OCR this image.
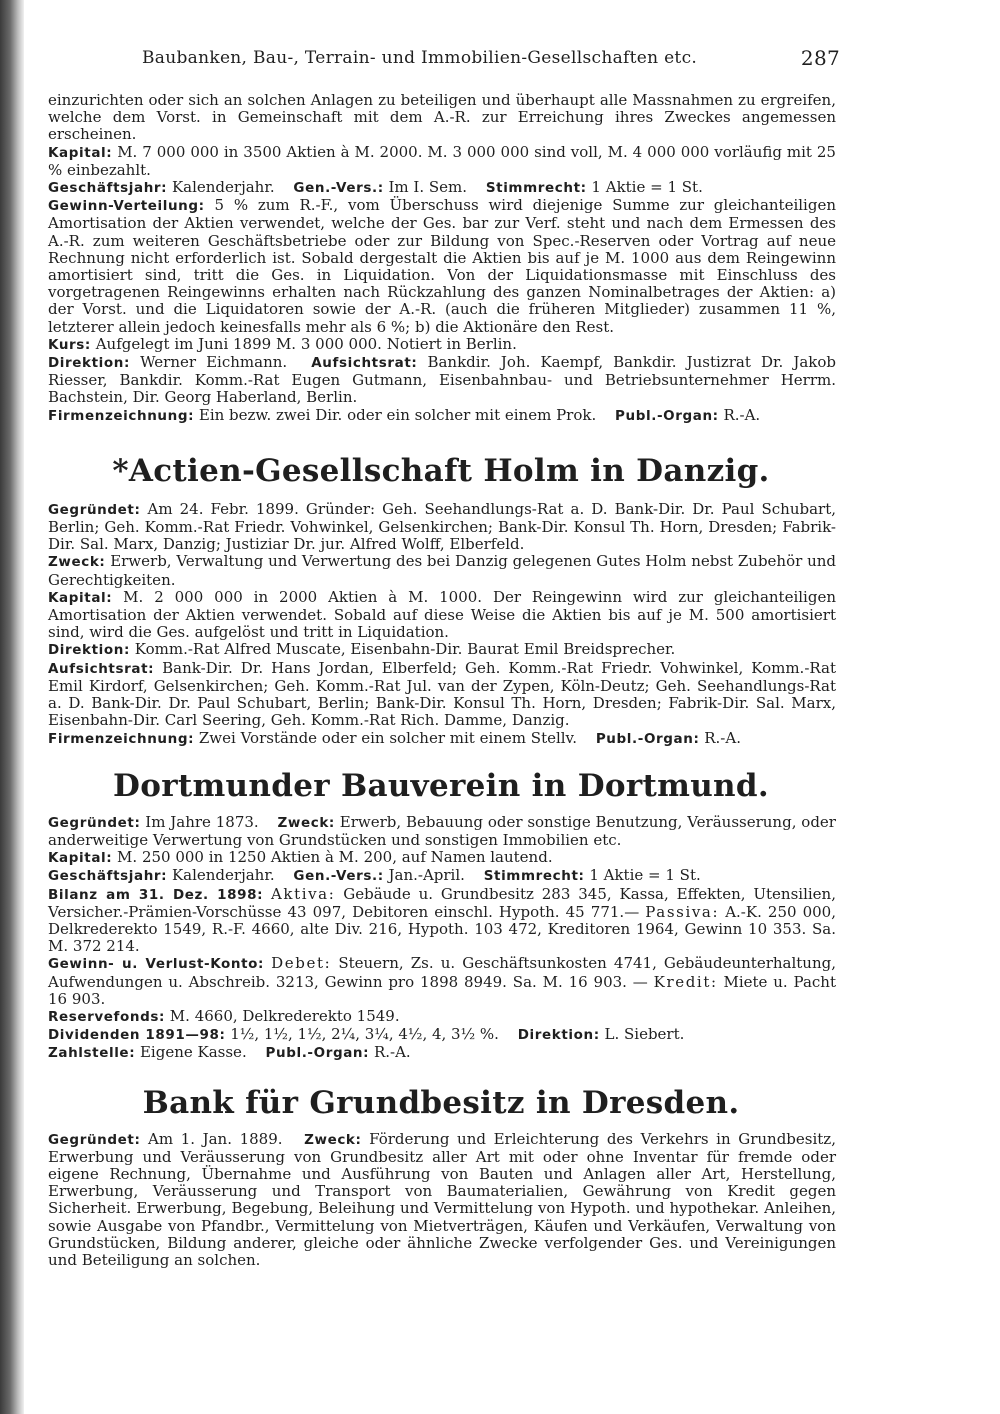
Baubanken, Bau-, Terrain- und Immobilien-Gesellschaften etc.	287

einzurichten oder sich an solchen Anlagen zu beteiligen und überhaupt alle Massnahmen zu ergreifen, welche dem Vorst. in Gemeinschaft mit dem A.-R. zur Erreichung ihres Zweckes angemessen erscheinen.

Kapital: M. 7 000 000 in 3500 Aktien à M. 2000. M. 3 000 000 sind voll, M. 4 000 000 vorläufig mit 25 % einbezahlt.

Geschäftsjahr: Kalenderjahr. Gen.-Vers.: Im I. Sem. Stimmrecht: 1 Aktie = 1 St.

Gewinn-Verteilung: 5 % zum R.-F., vom Überschuss wird diejenige Summe zur gleichanteiligen Amortisation der Aktien verwendet, welche der Ges. bar zur Verf. steht und nach dem Ermessen des A.-R. zum weiteren Geschäftsbetriebe oder zur Bildung von Spec.-Reserven oder Vortrag auf neue Rechnung nicht erforderlich ist. Sobald dergestalt die Aktien bis auf je M. 1000 aus dem Reingewinn amortisiert sind, tritt die Ges. in Liquidation. Von der Liquidationsmasse mit Einschluss des vorgetragenen Reingewinns erhalten nach Rückzahlung des ganzen Nominalbetrages der Aktien: a) der Vorst. und die Liquidatoren sowie der A.-R. (auch die früheren Mitglieder) zusammen 11 %, letzterer allein jedoch keinesfalls mehr als 6 %; b) die Aktionäre den Rest.

Kurs: Aufgelegt im Juni 1899 M. 3 000 000. Notiert in Berlin.

Direktion: Werner Eichmann. Aufsichtsrat: Bankdir. Joh. Kaempf, Bankdir. Justizrat Dr. Jakob Riesser, Bankdir. Komm.-Rat Eugen Gutmann, Eisenbahnbau- und Betriebsunternehmer Herrm. Bachstein, Dir. Georg Haberland, Berlin.

Firmenzeichnung: Ein bezw. zwei Dir. oder ein solcher mit einem Prok. Publ.-Organ: R.-A.

*Actien-Gesellschaft Holm in Danzig.

Gegründet: Am 24. Febr. 1899. Gründer: Geh. Seehandlungs-Rat a. D. Bank-Dir. Dr. Paul Schubart, Berlin; Geh. Komm.-Rat Friedr. Vohwinkel, Gelsenkirchen; Bank-Dir. Konsul Th. Horn, Dresden; Fabrik-Dir. Sal. Marx, Danzig; Justiziar Dr. jur. Alfred Wolff, Elberfeld.

Zweck: Erwerb, Verwaltung und Verwertung des bei Danzig gelegenen Gutes Holm nebst Zubehör und Gerechtigkeiten.

Kapital: M. 2 000 000 in 2000 Aktien à M. 1000. Der Reingewinn wird zur gleichanteiligen Amortisation der Aktien verwendet. Sobald auf diese Weise die Aktien bis auf je M. 500 amortisiert sind, wird die Ges. aufgelöst und tritt in Liquidation.

Direktion: Komm.-Rat Alfred Muscate, Eisenbahn-Dir. Baurat Emil Breidsprecher.

Aufsichtsrat: Bank-Dir. Dr. Hans Jordan, Elberfeld; Geh. Komm.-Rat Friedr. Vohwinkel, Komm.-Rat Emil Kirdorf, Gelsenkirchen; Geh. Komm.-Rat Jul. van der Zypen, Köln-Deutz; Geh. Seehandlungs-Rat a. D. Bank-Dir. Dr. Paul Schubart, Berlin; Bank-Dir. Konsul Th. Horn, Dresden; Fabrik-Dir. Sal. Marx, Eisenbahn-Dir. Carl Seering, Geh. Komm.-Rat Rich. Damme, Danzig.

Firmenzeichnung: Zwei Vorstände oder ein solcher mit einem Stellv. Publ.-Organ: R.-A.

Dortmunder Bauverein in Dortmund.

Gegründet: Im Jahre 1873. Zweck: Erwerb, Bebauung oder sonstige Benutzung, Veräusserung, oder anderweitige Verwertung von Grundstücken und sonstigen Immobilien etc.

Kapital: M. 250 000 in 1250 Aktien à M. 200, auf Namen lautend.

Geschäftsjahr: Kalenderjahr. Gen.-Vers.: Jan.-April. Stimmrecht: 1 Aktie = 1 St.

Bilanz am 31. Dez. 1898: Aktiva: Gebäude u. Grundbesitz 283 345, Kassa, Effekten, Utensilien, Versicher.-Prämien-Vorschüsse 43 097, Debitoren einschl. Hypoth. 45 771.— Passiva: A.-K. 250 000, Delkrederekto 1549, R.-F. 4660, alte Div. 216, Hypoth. 103 472, Kreditoren 1964, Gewinn 10 353. Sa. M. 372 214.

Gewinn- u. Verlust-Konto: Debet: Steuern, Zs. u. Geschäftsunkosten 4741, Gebäudeunterhaltung, Aufwendungen u. Abschreib. 3213, Gewinn pro 1898 8949. Sa. M. 16 903. — Kredit: Miete u. Pacht 16 903.

Reservefonds: M. 4660, Delkrederekto 1549.

Dividenden 1891—98: 1½, 1½, 1½, 2¼, 3¼, 4½, 4, 3½ %. Direktion: L. Siebert.

Zahlstelle: Eigene Kasse. Publ.-Organ: R.-A.

Bank für Grundbesitz in Dresden.

Gegründet: Am 1. Jan. 1889. Zweck: Förderung und Erleichterung des Verkehrs in Grundbesitz, Erwerbung und Veräusserung von Grundbesitz aller Art mit oder ohne Inventar für fremde oder eigene Rechnung, Übernahme und Ausführung von Bauten und Anlagen aller Art, Herstellung, Erwerbung, Veräusserung und Transport von Baumaterialien, Gewährung von Kredit gegen Sicherheit. Erwerbung, Begebung, Beleihung und Vermittelung von Hypoth. und hypothekar. Anleihen, sowie Ausgabe von Pfandbr., Vermittelung von Mietverträgen, Käufen und Verkäufen, Verwaltung von Grundstücken, Bildung anderer, gleiche oder ähnliche Zwecke verfolgender Ges. und Vereinigungen und Beteiligung an solchen.
